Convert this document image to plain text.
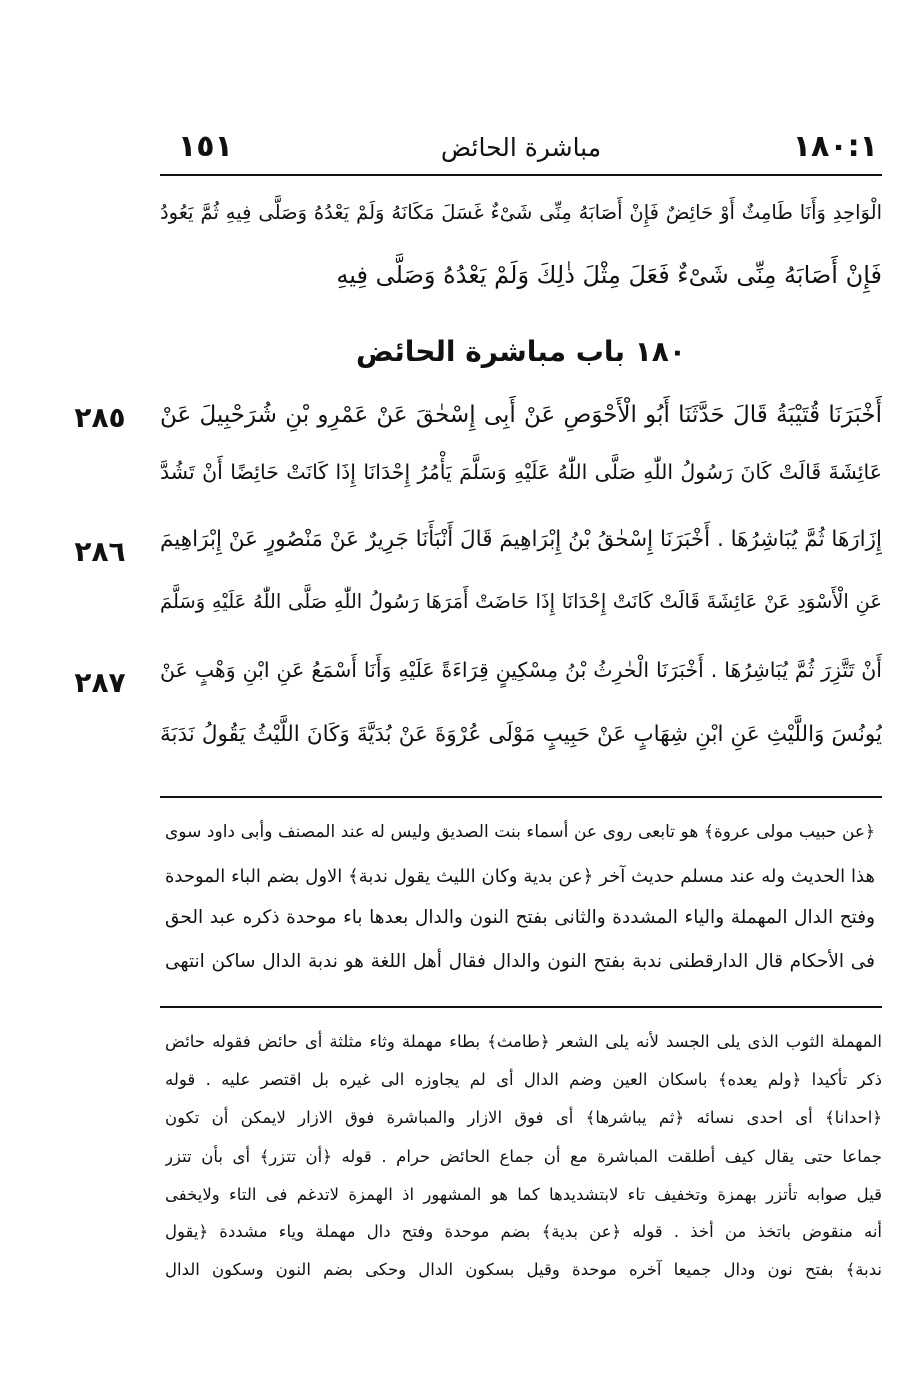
١٨٠:١
مباشرة الحائض
١٥١
الْوَاحِدِ وَأَنَا طَامِثٌ أَوْ حَائِضٌ فَإِنْ أَصَابَهُ مِنِّى شَىْءٌ غَسَلَ مَكَانَهُ وَلَمْ يَعْدُهُ وَصَلَّى فِيهِ ثُمَّ يَعُودُ
فَإِنْ أَصَابَهُ مِنِّى شَىْءٌ فَعَلَ مِثْلَ ذٰلِكَ وَلَمْ يَعْدُهُ وَصَلَّى فِيهِ
١٨٠ باب مباشرة الحائض
أَخْبَرَنَا قُتَيْبَةُ قَالَ حَدَّثَنَا أَبُو الْأَحْوَصِ عَنْ أَبِى إِسْحٰقَ عَنْ عَمْرِو بْنِ شُرَحْبِيلَ عَنْ
عَائِشَةَ قَالَتْ كَانَ رَسُولُ اللّٰهِ صَلَّى اللّٰهُ عَلَيْهِ وَسَلَّمَ يَأْمُرُ إِحْدَانَا إِذَا كَانَتْ حَائِضًا أَنْ تَشُدَّ
إِزَارَهَا ثُمَّ يُبَاشِرُهَا . أَخْبَرَنَا إِسْحٰقُ بْنُ إِبْرَاهِيمَ قَالَ أَنْبَأَنَا جَرِيرٌ عَنْ مَنْصُورٍ عَنْ إِبْرَاهِيمَ
عَنِ الْأَسْوَدِ عَنْ عَائِشَةَ قَالَتْ كَانَتْ إِحْدَانَا إِذَا حَاضَتْ أَمَرَهَا رَسُولُ اللّٰهِ صَلَّى اللّٰهُ عَلَيْهِ وَسَلَّمَ
أَنْ تَتَّزِرَ ثُمَّ يُبَاشِرُهَا . أَخْبَرَنَا الْحٰرِثُ بْنُ مِسْكِينٍ قِرَاءَةً عَلَيْهِ وَأَنَا أَسْمَعُ عَنِ ابْنِ وَهْبٍ عَنْ
يُونُسَ وَاللَّيْثِ عَنِ ابْنِ شِهَابٍ عَنْ حَبِيبٍ مَوْلَى عُرْوَةَ عَنْ بُدَيَّةَ وَكَانَ اللَّيْثُ يَقُولُ نَدَبَةَ
٢٨٥
٢٨٦
٢٨٧
﴿عن حبيب مولى عروة﴾ هو تابعى روى عن أسماء بنت الصديق وليس له عند المصنف وأبى داود سوى
هذا الحديث وله عند مسلم حديث آخر ﴿عن بدية وكان الليث يقول ندبة﴾ الاول بضم الباء الموحدة
وفتح الدال المهملة والياء المشددة والثانى بفتح النون والدال بعدها باء موحدة ذكره عبد الحق
فى الأحكام قال الدارقطنى ندبة بفتح النون والدال فقال أهل اللغة هو ندبة الدال ساكن انتهى
المهملة الثوب الذى يلى الجسد لأنه يلى الشعر ﴿طامث﴾ بطاء مهملة وثاء مثلثة أى حائض فقوله حائض
ذكر تأكيدا ﴿ولم يعده﴾ باسكان العين وضم الدال أى لم يجاوزه الى غيره بل اقتصر عليه . قوله
﴿احدانا﴾ أى احدى نسائه ﴿ثم يباشرها﴾ أى فوق الازار والمباشرة فوق الازار لايمكن أن تكون
جماعا حتى يقال كيف أطلقت المباشرة مع أن جماع الحائض حرام . قوله ﴿أن تتزر﴾ أى بأن تتزر
قيل صوابه تأتزر بهمزة وتخفيف تاء لابتشديدها كما هو المشهور اذ الهمزة لاتدغم فى التاء ولايخفى
أنه منقوض باتخذ من أخذ . قوله ﴿عن بدية﴾ بضم موحدة وفتح دال مهملة وياء مشددة ﴿يقول
ندبة﴾ بفتح نون ودال جميعا آخره موحدة وقيل بسكون الدال وحكى بضم النون وسكون الدال
